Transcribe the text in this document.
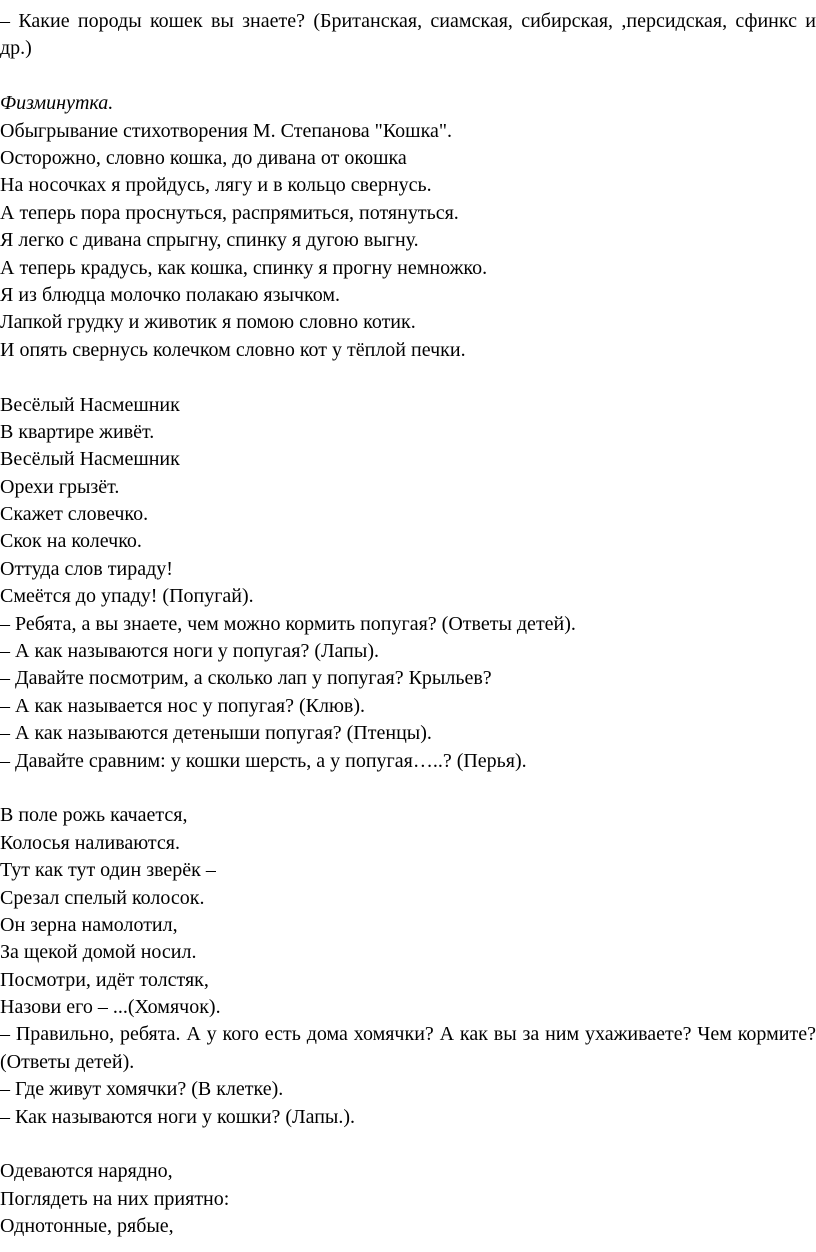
– Какие породы кошек вы знаете? (Британская, сиамская, сибирская, ,персидская, сфинкс и др.)
Физминутка.
Обыгрывание стихотворения М. Степанова "Кошка".
Осторожно, словно кошка, до дивана от окошка
На носочках я пройдусь, лягу и в кольцо свернусь.
А теперь пора проснуться, распрямиться, потянуться.
Я легко с дивана спрыгну, спинку я дугою выгну.
А теперь крадусь, как кошка, спинку я прогну немножко.
Я из блюдца молочко полакаю язычком.
Лапкой грудку и животик я помою словно котик.
И опять свернусь колечком словно кот у тёплой печки.
Весёлый Насмешник
В квартире живёт.
Весёлый Насмешник
Орехи грызёт.
Скажет словечко.
Скок на колечко.
Оттуда слов тираду!
Смеётся до упаду! (Попугай).
– Ребята, а вы знаете, чем можно кормить попугая? (Ответы детей).
– А как называются ноги у попугая? (Лапы).
– Давайте посмотрим, а сколько лап у попугая? Крыльев?
– А как называется нос у попугая? (Клюв).
– А как называются детеныши попугая? (Птенцы).
– Давайте сравним: у кошки шерсть, а у попугая…..? (Перья).
В поле рожь качается,
Колосья наливаются.
Тут как тут один зверёк –
Срезал спелый колосок.
Он зерна намолотил,
За щекой домой носил.
Посмотри, идёт толстяк,
Назови его – ...(Хомячок).
– Правильно, ребята. А у кого есть дома хомячки? А как вы за ним ухаживаете? Чем кормите? (Ответы детей).
– Где живут хомячки? (В клетке).
– Как называются ноги у кошки? (Лапы.).
Одеваются нарядно,
Поглядеть на них приятно:
Однотонные, рябые,
